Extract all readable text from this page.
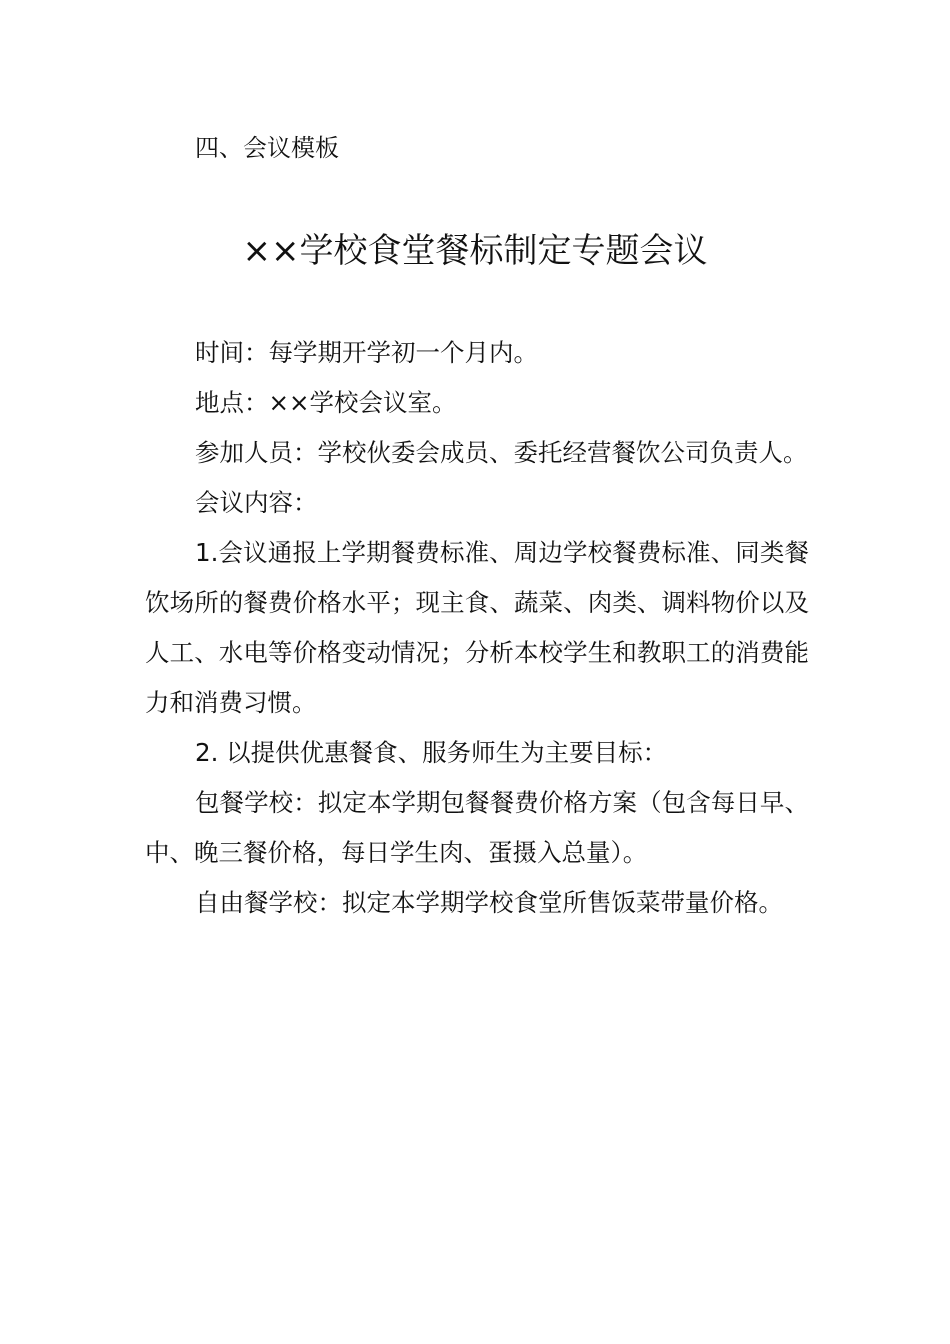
四、会议模板
××学校食堂餐标制定专题会议

时间：每学期开学初一个月内。

地点：××学校会议室。

参加人员：学校伙委会成员、委托经营餐饮公司负责人。

会议内容：

1.会议通报上学期餐费标准、周边学校餐费标准、同类餐饮场所的餐费价格水平；现主食、蔬菜、肉类、调料物价以及人工、水电等价格变动情况；分析本校学生和教职工的消费能力和消费习惯。

2. 以提供优惠餐食、服务师生为主要目标：

包餐学校：拟定本学期包餐餐费价格方案（包含每日早、中、晚三餐价格，每日学生肉、蛋摄入总量）。

自由餐学校：拟定本学期学校食堂所售饭菜带量价格。
